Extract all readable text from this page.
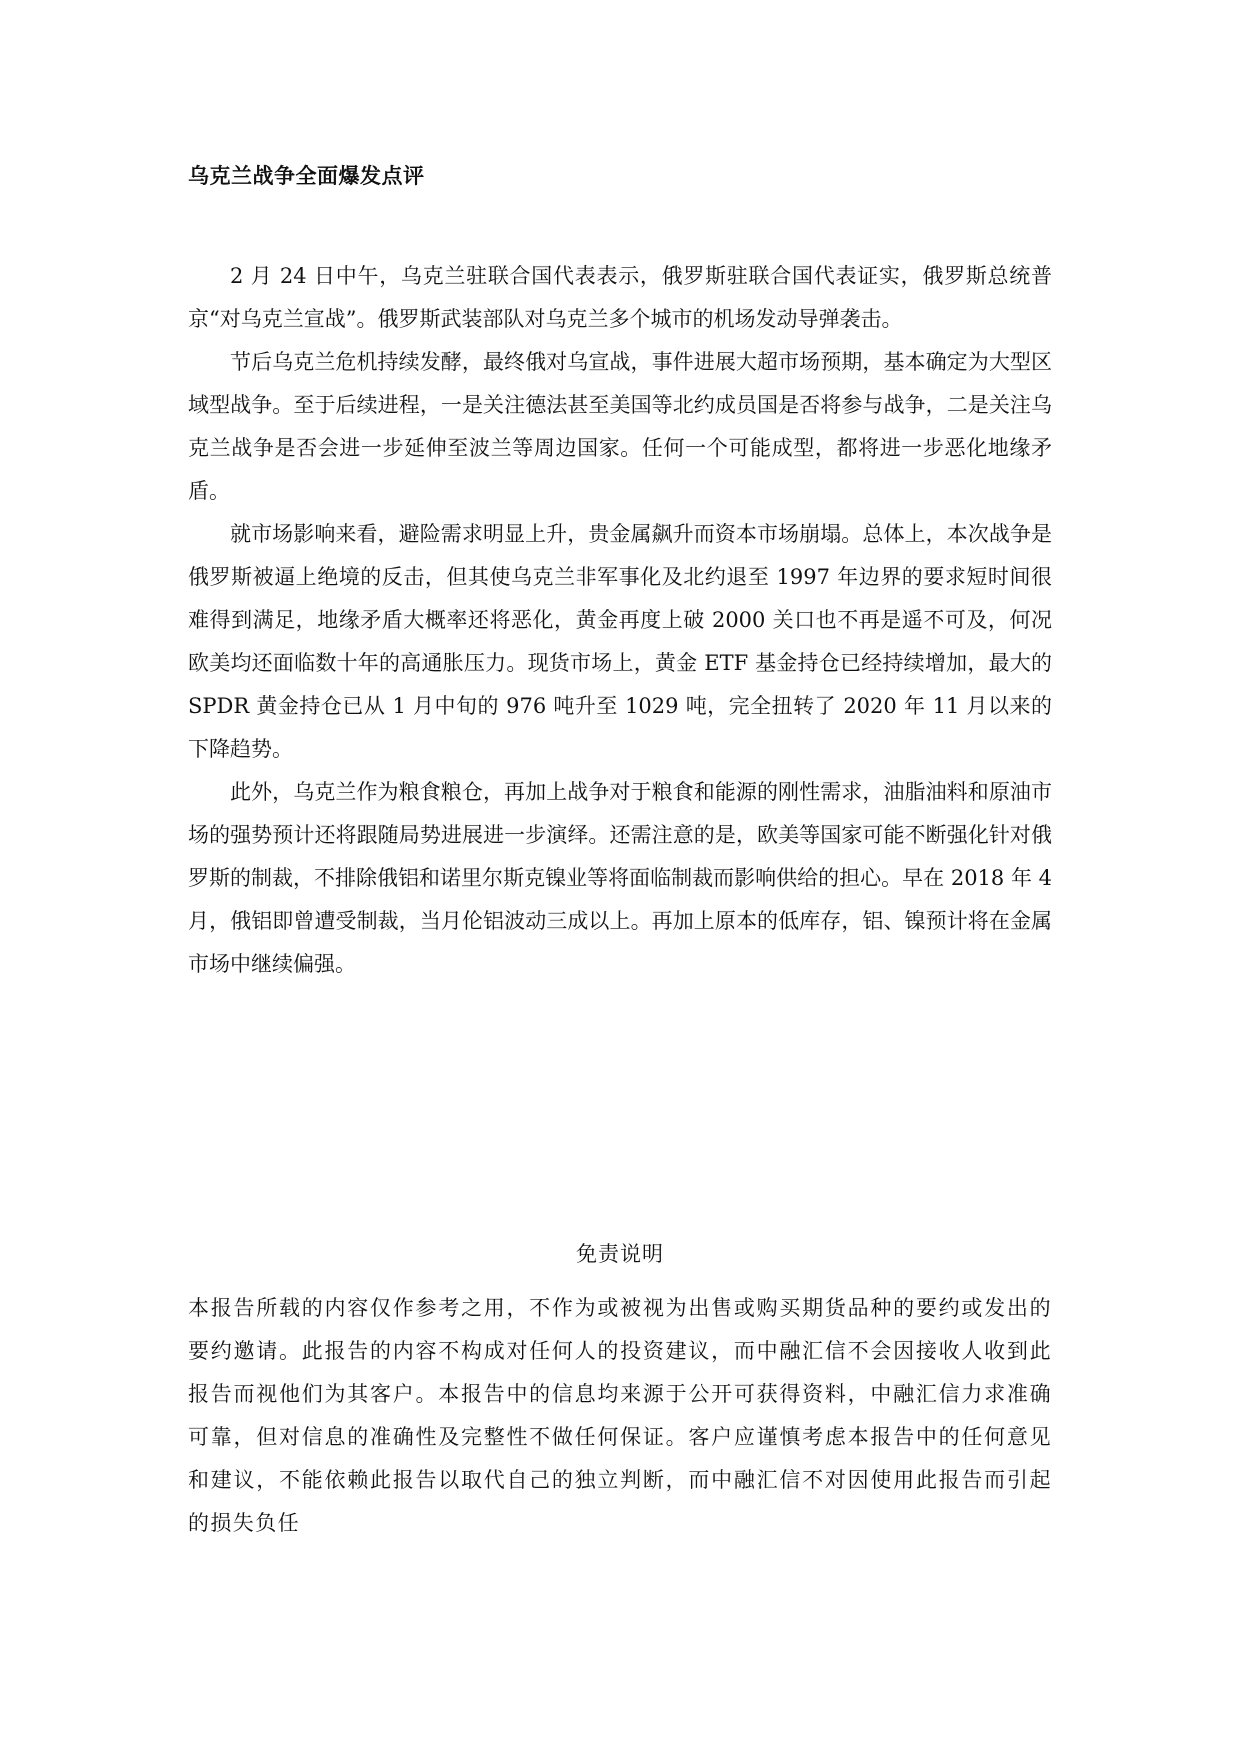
乌克兰战争全面爆发点评

2 月 24 日中午，乌克兰驻联合国代表表示，俄罗斯驻联合国代表证实，俄罗斯总统普京“对乌克兰宣战”。俄罗斯武装部队对乌克兰多个城市的机场发动导弹袭击。

节后乌克兰危机持续发酵，最终俄对乌宣战，事件进展大超市场预期，基本确定为大型区域型战争。至于后续进程，一是关注德法甚至美国等北约成员国是否将参与战争，二是关注乌克兰战争是否会进一步延伸至波兰等周边国家。任何一个可能成型，都将进一步恶化地缘矛盾。

就市场影响来看，避险需求明显上升，贵金属飙升而资本市场崩塌。总体上，本次战争是俄罗斯被逼上绝境的反击，但其使乌克兰非军事化及北约退至 1997 年边界的要求短时间很难得到满足，地缘矛盾大概率还将恶化，黄金再度上破 2000 关口也不再是遥不可及，何况欧美均还面临数十年的高通胀压力。现货市场上，黄金 ETF 基金持仓已经持续增加，最大的 SPDR 黄金持仓已从 1 月中旬的 976 吨升至 1029 吨，完全扭转了 2020 年 11 月以来的下降趋势。

此外，乌克兰作为粮食粮仓，再加上战争对于粮食和能源的刚性需求，油脂油料和原油市场的强势预计还将跟随局势进展进一步演绎。还需注意的是，欧美等国家可能不断强化针对俄罗斯的制裁，不排除俄铝和诺里尔斯克镍业等将面临制裁而影响供给的担心。早在 2018 年 4 月，俄铝即曾遭受制裁，当月伦铝波动三成以上。再加上原本的低库存，铝、镍预计将在金属市场中继续偏强。

免责说明

本报告所载的内容仅作参考之用，不作为或被视为出售或购买期货品种的要约或发出的要约邀请。此报告的内容不构成对任何人的投资建议，而中融汇信不会因接收人收到此报告而视他们为其客户。本报告中的信息均来源于公开可获得资料，中融汇信力求准确可靠，但对信息的准确性及完整性不做任何保证。客户应谨慎考虑本报告中的任何意见和建议，不能依赖此报告以取代自己的独立判断，而中融汇信不对因使用此报告而引起的损失负任
